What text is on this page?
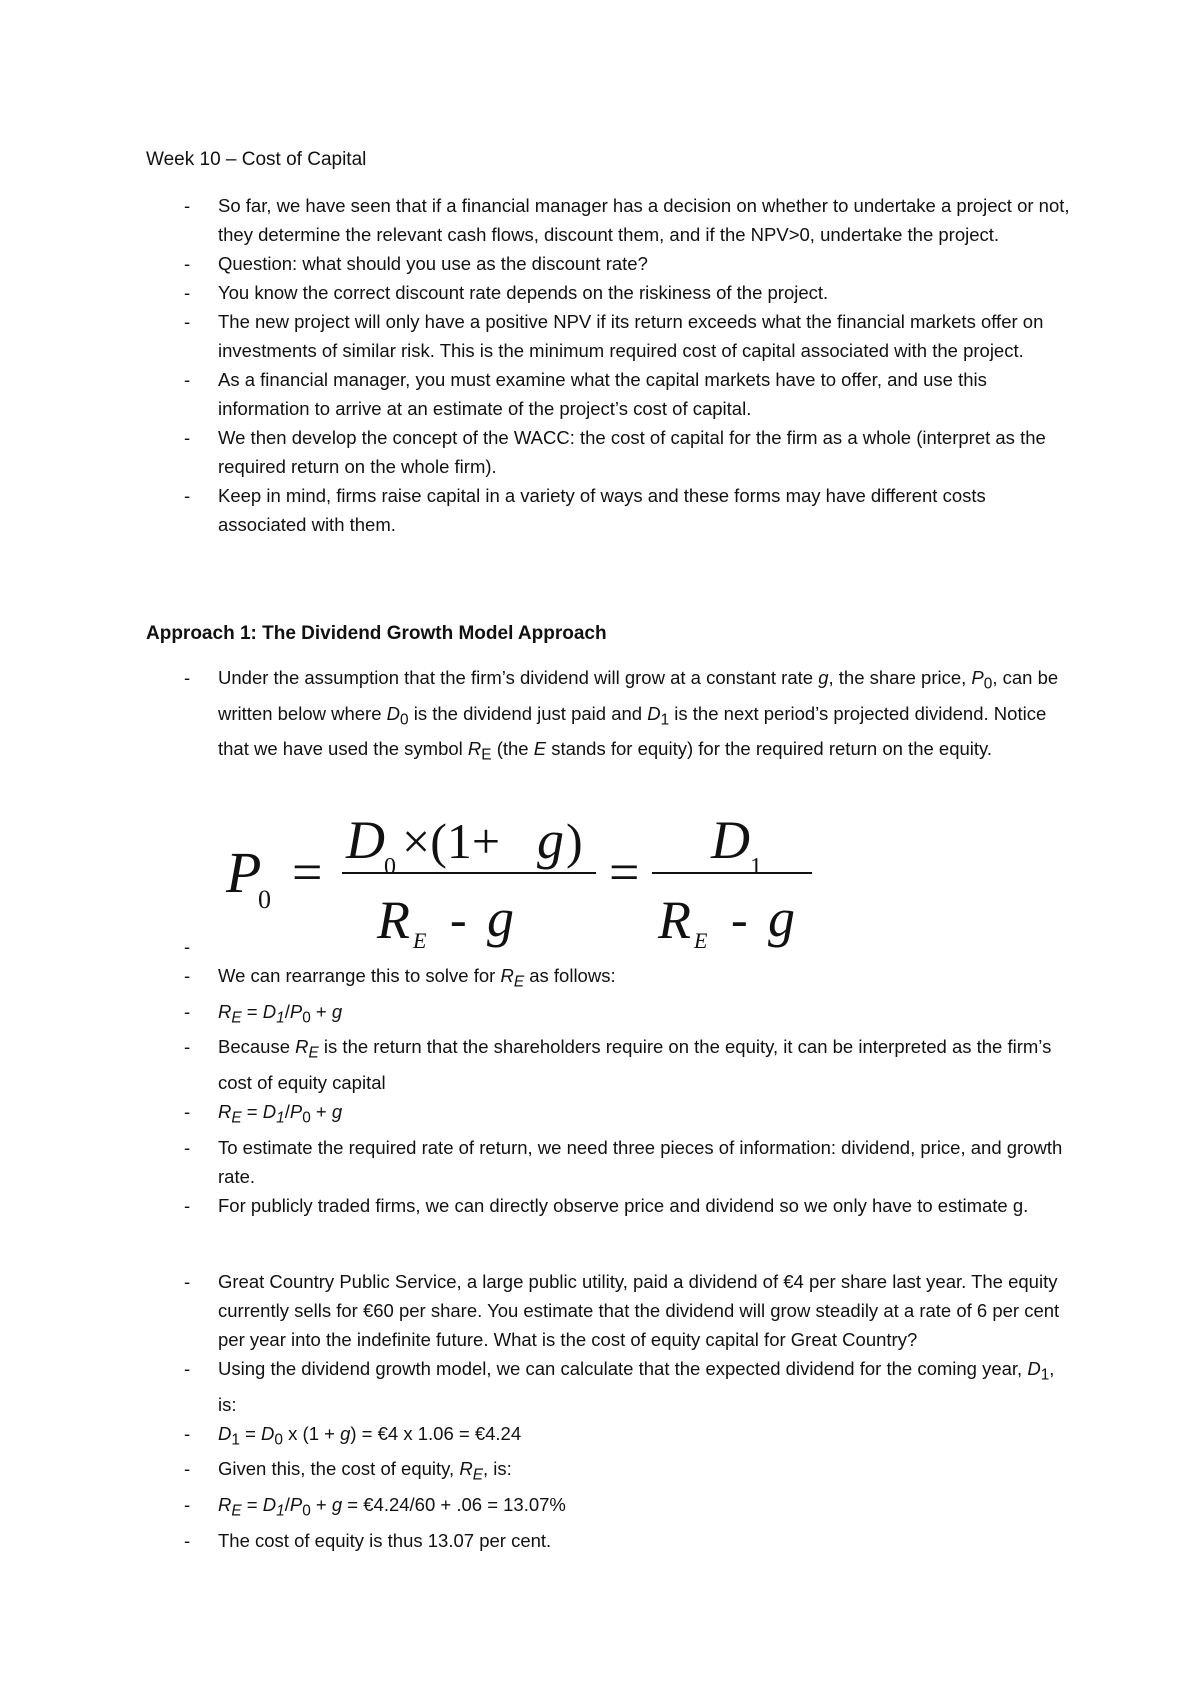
Week 10 – Cost of Capital
- So far, we have seen that if a financial manager has a decision on whether to undertake a project or not, they determine the relevant cash flows, discount them, and if the NPV>0, undertake the project.
- Question: what should you use as the discount rate?
- You know the correct discount rate depends on the riskiness of the project.
- The new project will only have a positive NPV if its return exceeds what the financial markets offer on investments of similar risk. This is the minimum required cost of capital associated with the project.
- As a financial manager, you must examine what the capital markets have to offer, and use this information to arrive at an estimate of the project’s cost of capital.
- We then develop the concept of the WACC: the cost of capital for the firm as a whole (interpret as the required return on the whole firm).
- Keep in mind, firms raise capital in a variety of ways and these forms may have different costs associated with them.
Approach 1: The Dividend Growth Model Approach
- Under the assumption that the firm’s dividend will grow at a constant rate g, the share price, $P_0$, can be written below where $D_0$ is the dividend just paid and $D_1$ is the next period’s projected dividend. Notice that we have used the symbol $R_E$ (the E stands for equity) for the required return on the equity.
P
0 =
D 0 ×(1+ g )
R E - g
=
D 1
R E - g
-
- We can rearrange this to solve for $R_E$ as follows:
- $R_E = D_1/P_0 + g$
- Because $R_E$ is the return that the shareholders require on the equity, it can be interpreted as the firm’s cost of equity capital
- $R_E = D_1/P_0 + g$
- To estimate the required rate of return, we need three pieces of information: dividend, price, and growth rate.
- For publicly traded firms, we can directly observe price and dividend so we only have to estimate g.
- Great Country Public Service, a large public utility, paid a dividend of €4 per share last year. The equity currently sells for €60 per share. You estimate that the dividend will grow steadily at a rate of 6 per cent per year into the indefinite future. What is the cost of equity capital for Great Country?
- Using the dividend growth model, we can calculate that the expected dividend for the coming year, $D_1$, is:
- $D_1 = D_0$ x (1 + g) = €4 x 1.06 = €4.24
- Given this, the cost of equity, $R_E$, is:
- $R_E = D_1/P_0 + g$ = €4.24/60 + .06 = 13.07%
- The cost of equity is thus 13.07 per cent.
